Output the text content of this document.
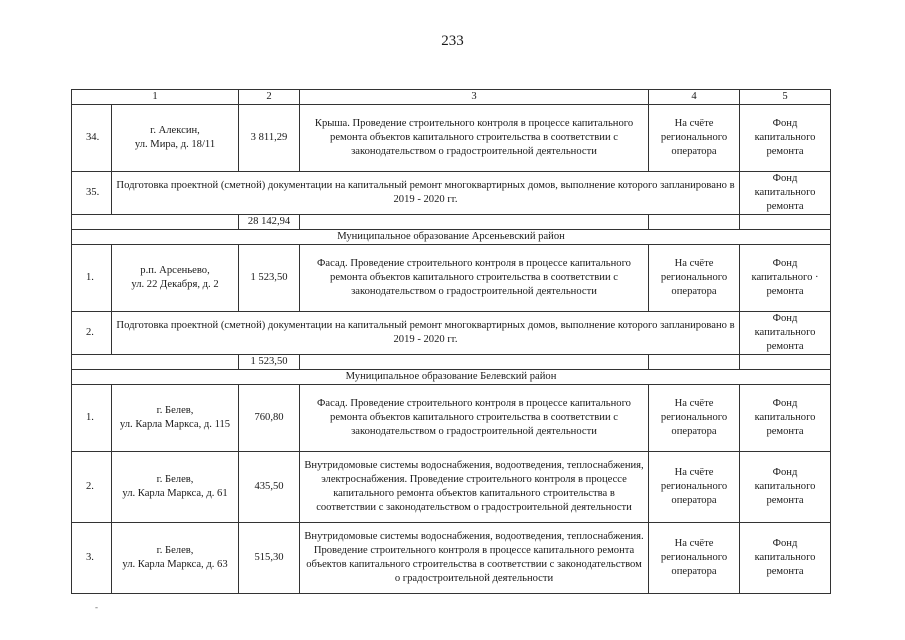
233
1		2	3	4	5
34.	г. Алексин,
ул. Мира, д. 18/11	3 811,29	Крыша. Проведение строительного контроля в процессе капитального ремонта объектов капитального строительства в соответствии с законодательством о градостроительной деятельности	На счёте регионального оператора	Фонд капитального ремонта
35.	Подготовка проектной (сметной) документации на капитальный ремонт многоквартирных домов, выполнение которого запланировано в 2019 - 2020 гг.				Фонд капитального ремонта
		28 142,94			
Муниципальное образование Арсеньевский район					
1.	р.п. Арсеньево,
ул. 22 Декабря, д. 2	1 523,50	Фасад. Проведение строительного контроля в процессе капитального ремонта объектов капитального строительства в соответствии с законодательством о градостроительной деятельности	На счёте регионального оператора	Фонд капитального · ремонта
2.	Подготовка проектной (сметной) документации на капитальный ремонт многоквартирных домов, выполнение которого запланировано в 2019 - 2020 гг.				Фонд капитального ремонта
		1 523,50			
Муниципальное образование Белевский район					
1.	г. Белев,
ул. Карла Маркса, д. 115	760,80	Фасад. Проведение строительного контроля в процессе капитального ремонта объектов капитального строительства в соответствии с законодательством о градостроительной деятельности	На счёте регионального оператора	Фонд капитального ремонта
2.	г. Белев,
ул. Карла Маркса, д. 61	435,50	Внутридомовые системы водоснабжения, водоотведения, теплоснабжения, электроснабжения. Проведение строительного контроля в процессе капитального ремонта объектов капитального строительства в соответствии с законодательством о градостроительной деятельности	На счёте регионального оператора	Фонд капитального ремонта
3.	г. Белев,
ул. Карла Маркса, д. 63	515,30	Внутридомовые системы водоснабжения, водоотведения, теплоснабжения. Проведение строительного контроля в процессе капитального ремонта объектов капитального строительства в соответствии с законодательством о градостроительной деятельности	На счёте регионального оператора	Фонд капитального ремонта
-
